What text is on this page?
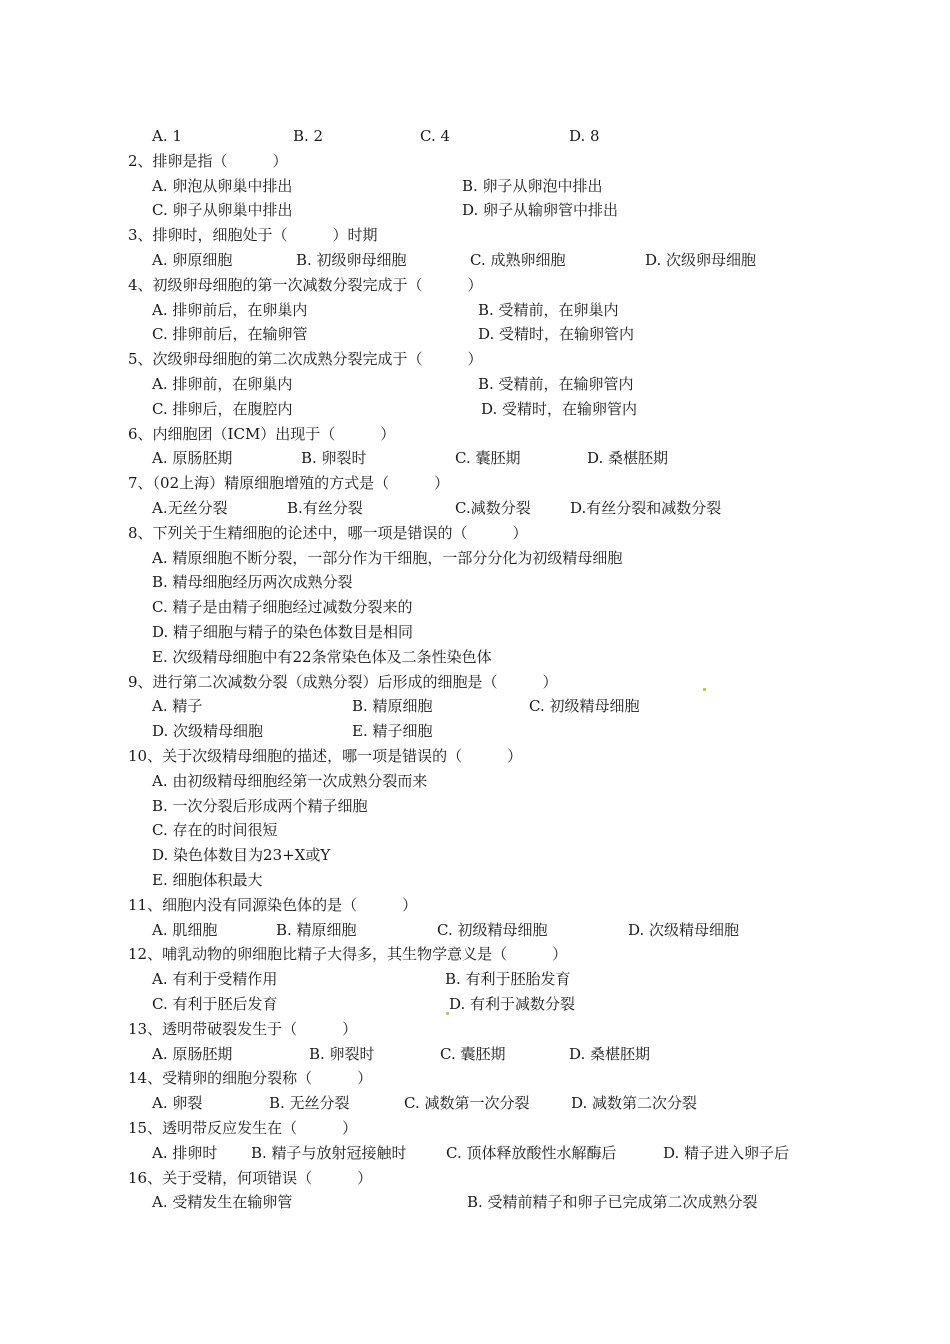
A. 1	B. 2	C. 4	D. 8
2、排卵是指（　　　）
A. 卵泡从卵巢中排出	B. 卵子从卵泡中排出
C. 卵子从卵巢中排出	D. 卵子从输卵管中排出
3、排卵时，细胞处于（　　　）时期
A. 卵原细胞	B. 初级卵母细胞	C. 成熟卵细胞	D. 次级卵母细胞
4、初级卵母细胞的第一次减数分裂完成于（　　　）
A. 排卵前后，在卵巢内	B. 受精前，在卵巢内
C. 排卵前后，在输卵管	D. 受精时，在输卵管内
5、次级卵母细胞的第二次成熟分裂完成于（　　　）
A. 排卵前，在卵巢内	B. 受精前，在输卵管内
C. 排卵后，在腹腔内	D. 受精时，在输卵管内
6、内细胞团（ICM）出现于（　　　）
A. 原肠胚期	B. 卵裂时	C. 囊胚期	D. 桑椹胚期
7、（02上海）精原细胞增殖的方式是（　　　）
A.无丝分裂	B.有丝分裂	C.减数分裂	D.有丝分裂和减数分裂
8、下列关于生精细胞的论述中，哪一项是错误的（　　　）
A. 精原细胞不断分裂，一部分作为干细胞，一部分分化为初级精母细胞
B. 精母细胞经历两次成熟分裂
C. 精子是由精子细胞经过减数分裂来的
D. 精子细胞与精子的染色体数目是相同
E. 次级精母细胞中有22条常染色体及二条性染色体
9、进行第二次减数分裂（成熟分裂）后形成的细胞是（　　　）
A. 精子	B. 精原细胞	C. 初级精母细胞
D. 次级精母细胞	E. 精子细胞
10、关于次级精母细胞的描述，哪一项是错误的（　　　）
A. 由初级精母细胞经第一次成熟分裂而来
B. 一次分裂后形成两个精子细胞
C. 存在的时间很短
D. 染色体数目为23+X或Y
E. 细胞体积最大
11、细胞内没有同源染色体的是（　　　）
A. 肌细胞	B. 精原细胞	C. 初级精母细胞	D. 次级精母细胞
12、哺乳动物的卵细胞比精子大得多，其生物学意义是（　　　）
A. 有利于受精作用	B. 有利于胚胎发育
C. 有利于胚后发育	D. 有利于减数分裂
13、透明带破裂发生于（　　　）
A. 原肠胚期	B. 卵裂时	C. 囊胚期	D. 桑椹胚期
14、受精卵的细胞分裂称（　　　）
A. 卵裂	B. 无丝分裂	C. 减数第一次分裂	D. 减数第二次分裂
15、透明带反应发生在（　　　）
A. 排卵时 B. 精子与放射冠接触时	C. 顶体释放酸性水解酶后	D. 精子进入卵子后
16、关于受精，何项错误（　　　）
A. 受精发生在输卵管	B. 受精前精子和卵子已完成第二次成熟分裂
